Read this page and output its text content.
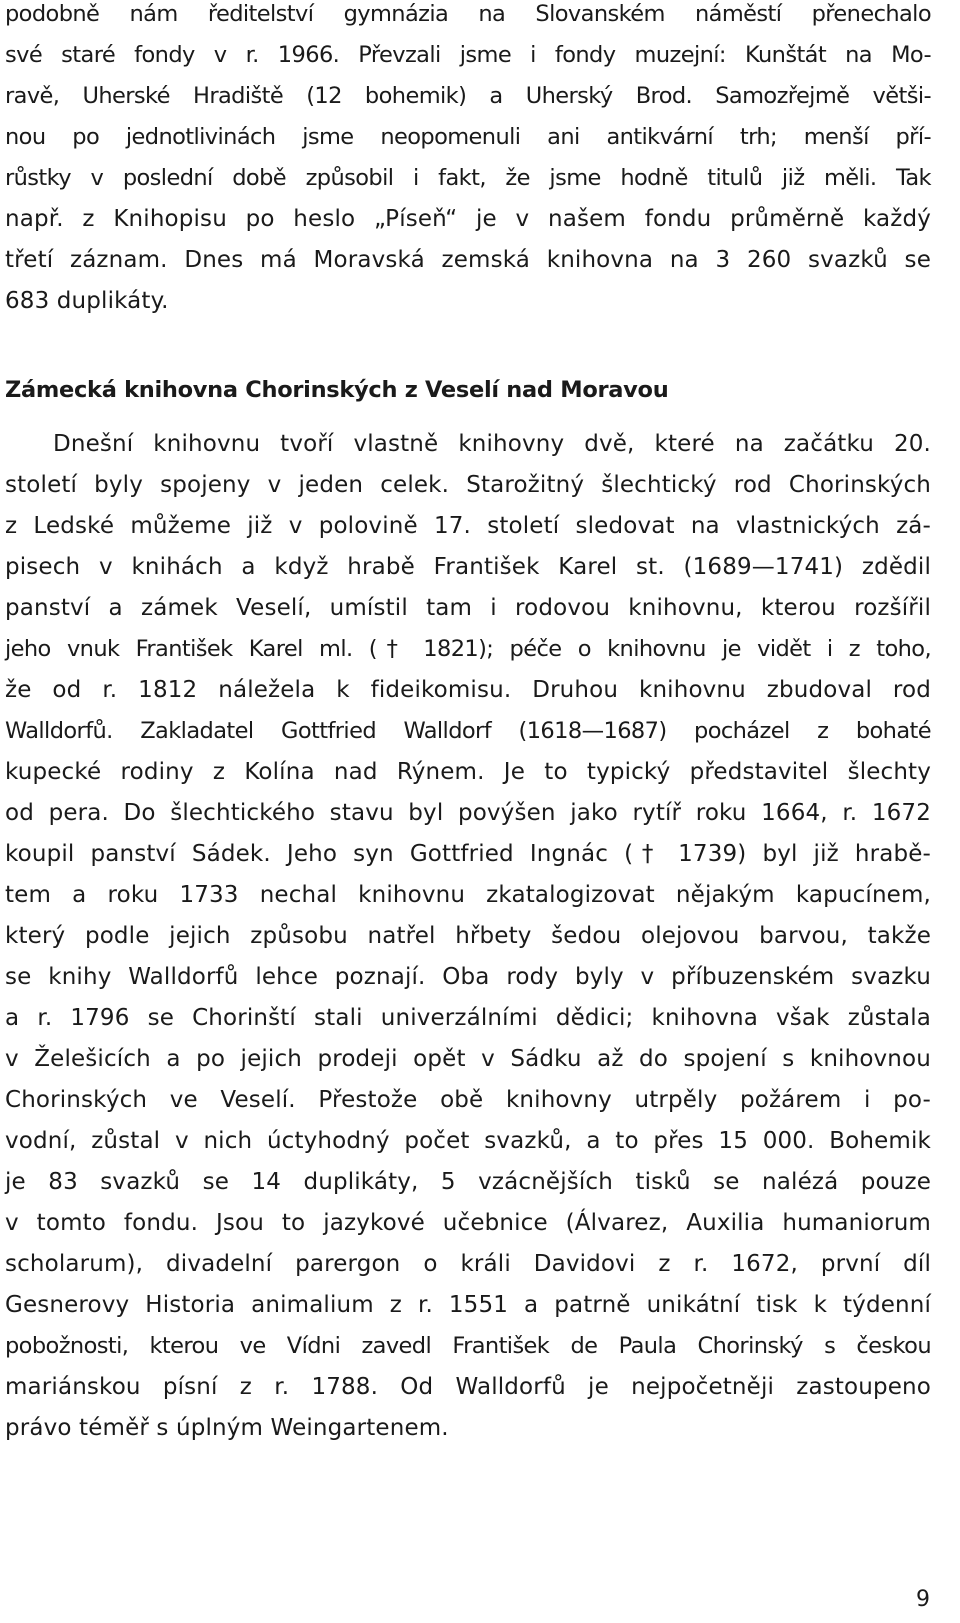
podobně nám ředitelství gymnázia na Slovanském náměstí přenechalo
své staré fondy v r. 1966. Převzali jsme i fondy muzejní: Kunštát na Mo-
ravě, Uherské Hradiště (12 bohemik) a Uherský Brod. Samozřejmě větši-
nou po jednotlivinách jsme neopomenuli ani antikvární trh; menší pří-
růstky v poslední době způsobil i fakt, že jsme hodně titulů již měli. Tak
např. z Knihopisu po heslo „Píseň“ je v našem fondu průměrně každý
třetí záznam. Dnes má Moravská zemská knihovna na 3 260 svazků se
683 duplikáty.
Zámecká knihovna Chorinských z Veselí nad Moravou
Dnešní knihovnu tvoří vlastně knihovny dvě, které na začátku 20.
století byly spojeny v jeden celek. Starožitný šlechtický rod Chorinských
z Ledské můžeme již v polovině 17. století sledovat na vlastnických zá-
pisech v knihách a když hrabě František Karel st. (1689—1741) zdědil
panství a zámek Veselí, umístil tam i rodovou knihovnu, kterou rozšířil
jeho vnuk František Karel ml. († 1821); péče o knihovnu je vidět i z toho,
že od r. 1812 náležela k fideikomisu. Druhou knihovnu zbudoval rod
Walldorfů. Zakladatel Gottfried Walldorf (1618—1687) pocházel z bohaté
kupecké rodiny z Kolína nad Rýnem. Je to typický představitel šlechty
od pera. Do šlechtického stavu byl povýšen jako rytíř roku 1664, r. 1672
koupil panství Sádek. Jeho syn Gottfried Ingnác († 1739) byl již hrabě-
tem a roku 1733 nechal knihovnu zkatalogizovat nějakým kapucínem,
který podle jejich způsobu natřel hřbety šedou olejovou barvou, takže
se knihy Walldorfů lehce poznají. Oba rody byly v příbuzenském svazku
a r. 1796 se Chorinští stali univerzálními dědici; knihovna však zůstala
v Želešicích a po jejich prodeji opět v Sádku až do spojení s knihovnou
Chorinských ve Veselí. Přestože obě knihovny utrpěly požárem i po-
vodní, zůstal v nich úctyhodný počet svazků, a to přes 15 000. Bohemik
je 83 svazků se 14 duplikáty, 5 vzácnějších tisků se nalézá pouze
v tomto fondu. Jsou to jazykové učebnice (Álvarez, Auxilia humaniorum
scholarum), divadelní parergon o králi Davidovi z r. 1672, první díl
Gesnerovy Historia animalium z r. 1551 a patrně unikátní tisk k týdenní
pobožnosti, kterou ve Vídni zavedl František de Paula Chorinský s českou
mariánskou písní z r. 1788. Od Walldorfů je nejpočetněji zastoupeno
právo téměř s úplným Weingartenem.
9
